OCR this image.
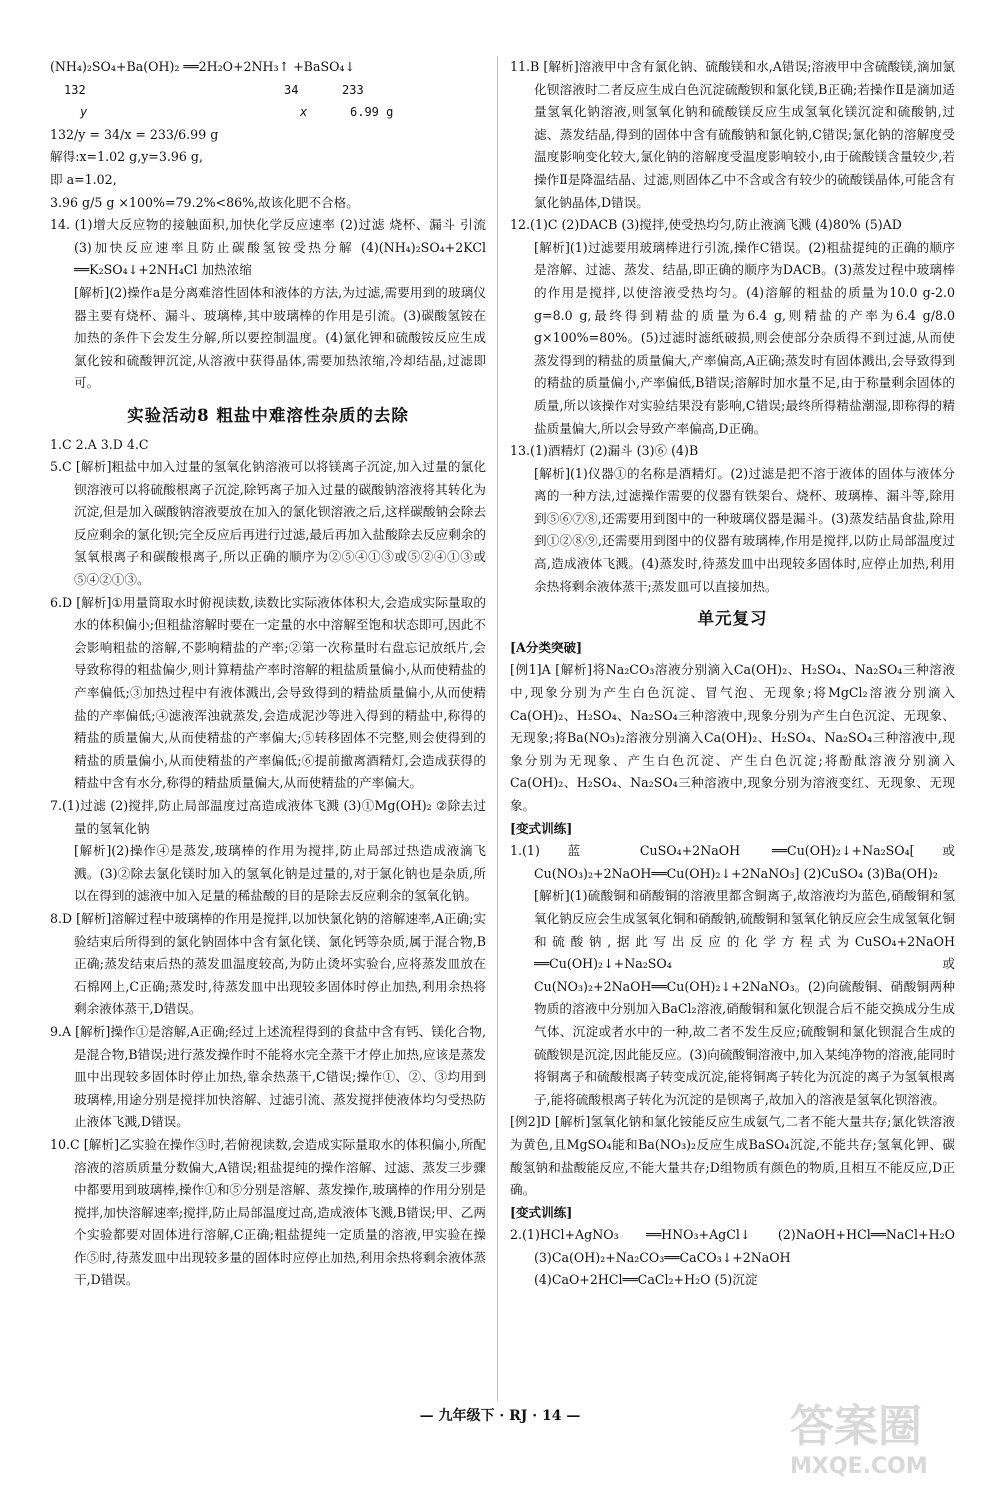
(NH₄)₂SO₄+Ba(OH)₂ ══2H₂O+2NH₃↑ +BaSO₄↓

132	34	233
y	x	6.99 g

132/y = 34/x = 233/6.99 g

解得:x=1.02 g,y=3.96 g,

即 a=1.02,

3.96 g/5 g ×100%=79.2%<86%,故该化肥不合格。

14. (1)增大反应物的接触面积,加快化学反应速率 (2)过滤 烧杯、漏斗 引流 (3)加快反应速率且防止碳酸氢铵受热分解 (4)(NH₄)₂SO₄+2KCl ══K₂SO₄↓+2NH₄Cl 加热浓缩

[解析](2)操作a是分离难溶性固体和液体的方法,为过滤,需要用到的玻璃仪器主要有烧杯、漏斗、玻璃棒,其中玻璃棒的作用是引流。(3)碳酸氢铵在加热的条件下会发生分解,所以要控制温度。(4)氯化钾和硫酸铵反应生成氯化铵和硫酸钾沉淀,从溶液中获得晶体,需要加热浓缩,冷却结晶,过滤即可。

实验活动8 粗盐中难溶性杂质的去除

1.C 2.A 3.D 4.C

5.C [解析]粗盐中加入过量的氢氧化钠溶液可以将镁离子沉淀,加入过量的氯化钡溶液可以将硫酸根离子沉淀,除钙离子加入过量的碳酸钠溶液将其转化为沉淀,但是加入碳酸钠溶液要放在加入的氯化钡溶液之后,这样碳酸钠会除去反应剩余的氯化钡;完全反应后再进行过滤,最后再加入盐酸除去反应剩余的氢氧根离子和碳酸根离子,所以正确的顺序为②⑤④①③或⑤②④①③或⑤④②①③。

6.D [解析]①用量筒取水时俯视读数,读数比实际液体体积大,会造成实际量取的水的体积偏小;但粗盐溶解时要在一定量的水中溶解至饱和状态即可,因此不会影响粗盐的溶解,不影响精盐的产率;②第一次称量时右盘忘记放纸片,会导致称得的粗盐偏少,则计算精盐产率时溶解的粗盐质量偏小,从而使精盐的产率偏低;③加热过程中有液体溅出,会导致得到的精盐质量偏小,从而使精盐的产率偏低;④滤液浑浊就蒸发,会造成泥沙等进入得到的精盐中,称得的精盐的质量偏大,从而使精盐的产率偏大;⑤转移固体不完整,则会使得到的精盐的质量偏小,从而使精盐的产率偏低;⑥提前撤离酒精灯,会造成获得的精盐中含有水分,称得的精盐质量偏大,从而使精盐的产率偏大。

7.(1)过滤 (2)搅拌,防止局部温度过高造成液体飞溅 (3)①Mg(OH)₂ ②除去过量的氢氧化钠

[解析](2)操作④是蒸发,玻璃棒的作用为搅拌,防止局部过热造成液滴飞溅。(3)②除去氯化镁时加入的氢氧化钠是过量的,对于氯化钠也是杂质,所以在得到的滤液中加入足量的稀盐酸的目的是除去反应剩余的氢氧化钠。

8.D [解析]溶解过程中玻璃棒的作用是搅拌,以加快氯化钠的溶解速率,A正确;实验结束后所得到的氯化钠固体中含有氯化镁、氯化钙等杂质,属于混合物,B正确;蒸发结束后热的蒸发皿温度较高,为防止烫坏实验台,应将蒸发皿放在石棉网上,C正确;蒸发时,待蒸发皿中出现较多固体时停止加热,利用余热将剩余液体蒸干,D错误。

9.A [解析]操作①是溶解,A正确;经过上述流程得到的食盐中含有钙、镁化合物,是混合物,B错误;进行蒸发操作时不能将水完全蒸干才停止加热,应该是蒸发皿中出现较多固体时停止加热,靠余热蒸干,C错误;操作①、②、③均用到玻璃棒,用途分别是搅拌加快溶解、过滤引流、蒸发搅拌使液体均匀受热防止液体飞溅,D错误。

10.C [解析]乙实验在操作③时,若俯视读数,会造成实际量取水的体积偏小,所配溶液的溶质质量分数偏大,A错误;粗盐提纯的操作溶解、过滤、蒸发三步骤中都要用到玻璃棒,操作①和⑤分别是溶解、蒸发操作,玻璃棒的作用分别是搅拌,加快溶解速率;搅拌,防止局部温度过高,造成液体飞溅,B错误;甲、乙两个实验都要对固体进行溶解,C正确;粗盐提纯一定质量的溶液,甲实验在操作⑤时,待蒸发皿中出现较多量的固体时应停止加热,利用余热将剩余液体蒸干,D错误。

11.B [解析]溶液甲中含有氯化钠、硫酸镁和水,A错误;溶液甲中含硫酸镁,滴加氯化钡溶液时二者反应生成白色沉淀硫酸钡和氯化镁,B正确;若操作Ⅱ是滴加适量氢氧化钠溶液,则氢氧化钠和硫酸镁反应生成氢氧化镁沉淀和硫酸钠,过滤、蒸发结晶,得到的固体中含有硫酸钠和氯化钠,C错误;氯化钠的溶解度受温度影响变化较大,氯化钠的溶解度受温度影响较小,由于硫酸镁含量较少,若操作Ⅱ是降温结晶、过滤,则固体乙中不含或含有较少的硫酸镁晶体,可能含有氯化钠晶体,D错误。

12.(1)C (2)DACB (3)搅拌,使受热均匀,防止液滴飞溅 (4)80% (5)AD

[解析](1)过滤要用玻璃棒进行引流,操作C错误。(2)粗盐提纯的正确的顺序是溶解、过滤、蒸发、结晶,即正确的顺序为DACB。(3)蒸发过程中玻璃棒的作用是搅拌,以使溶液受热均匀。(4)溶解的粗盐的质量为10.0 g-2.0 g=8.0 g,最终得到精盐的质量为6.4 g,则精盐的产率为6.4 g/8.0 g×100%=80%。(5)过滤时滤纸破损,则会使部分杂质得不到过滤,从而使蒸发得到的精盐的质量偏大,产率偏高,A正确;蒸发时有固体溅出,会导致得到的精盐的质量偏小,产率偏低,B错误;溶解时加水量不足,由于称量剩余固体的质量,所以该操作对实验结果没有影响,C错误;最终所得精盐潮湿,即称得的精盐质量偏大,所以会导致产率偏高,D正确。

13.(1)酒精灯 (2)漏斗 (3)⑥ (4)B

[解析](1)仪器①的名称是酒精灯。(2)过滤是把不溶于液体的固体与液体分离的一种方法,过滤操作需要的仪器有铁架台、烧杯、玻璃棒、漏斗等,除用到⑤⑥⑦⑧,还需要用到图中的一种玻璃仪器是漏斗。(3)蒸发结晶食盐,除用到①②⑧⑨,还需要用到图中的仪器有玻璃棒,作用是搅拌,以防止局部温度过高,造成液体飞溅。(4)蒸发时,待蒸发皿中出现较多固体时,应停止加热,利用余热将剩余液体蒸干;蒸发皿可以直接加热。

单元复习

[A分类突破]

[例1]A [解析]将Na₂CO₃溶液分别滴入Ca(OH)₂、H₂SO₄、Na₂SO₄三种溶液中,现象分别为产生白色沉淀、冒气泡、无现象;将MgCl₂溶液分别滴入Ca(OH)₂、H₂SO₄、Na₂SO₄三种溶液中,现象分别为产生白色沉淀、无现象、无现象;将Ba(NO₃)₂溶液分别滴入Ca(OH)₂、H₂SO₄、Na₂SO₄三种溶液中,现象分别为无现象、产生白色沉淀、产生白色沉淀;将酚酞溶液分别滴入Ca(OH)₂、H₂SO₄、Na₂SO₄三种溶液中,现象分别为溶液变红、无现象、无现象。

[变式训练]

1.(1)蓝 CuSO₄+2NaOH ══Cu(OH)₂↓+Na₂SO₄[或Cu(NO₃)₂+2NaOH══Cu(OH)₂↓+2NaNO₃] (2)CuSO₄ (3)Ba(OH)₂

[解析](1)硫酸铜和硝酸铜的溶液里都含铜离子,故溶液均为蓝色,硝酸铜和氢氧化钠反应会生成氢氧化铜和硝酸钠,硫酸铜和氢氧化钠反应会生成氢氧化铜和硫酸钠,据此写出反应的化学方程式为CuSO₄+2NaOH ══Cu(OH)₂↓+Na₂SO₄或Cu(NO₃)₂+2NaOH══Cu(OH)₂↓+2NaNO₃。(2)向硫酸铜、硝酸铜两种物质的溶液中分别加入BaCl₂溶液,硝酸铜和氯化钡混合后不能交换成分生成气体、沉淀或者水中的一种,故二者不发生反应;硫酸铜和氯化钡混合生成的硫酸钡是沉淀,因此能反应。(3)向硫酸铜溶液中,加入某纯净物的溶液,能同时将铜离子和硫酸根离子转变成沉淀,能将铜离子转化为沉淀的离子为氢氧根离子,能将硫酸根离子转化为沉淀的是钡离子,故加入的溶液是氢氧化钡溶液。

[例2]D [解析]氢氧化钠和氯化铵能反应生成氨气,二者不能大量共存;氯化铁溶液为黄色,且MgSO₄能和Ba(NO₃)₂反应生成BaSO₄沉淀,不能共存;氢氧化钾、碳酸氢钠和盐酸能反应,不能大量共存;D组物质有颜色的物质,且相互不能反应,D正确。

[变式训练]

2.(1)HCl+AgNO₃ ══HNO₃+AgCl↓ (2)NaOH+HCl══NaCl+H₂O (3)Ca(OH)₂+Na₂CO₃══CaCO₃↓+2NaOH (4)CaO+2HCl══CaCl₂+H₂O (5)沉淀

— 九年级下 · RJ · 14 —	答案圈
MXQE.COM
